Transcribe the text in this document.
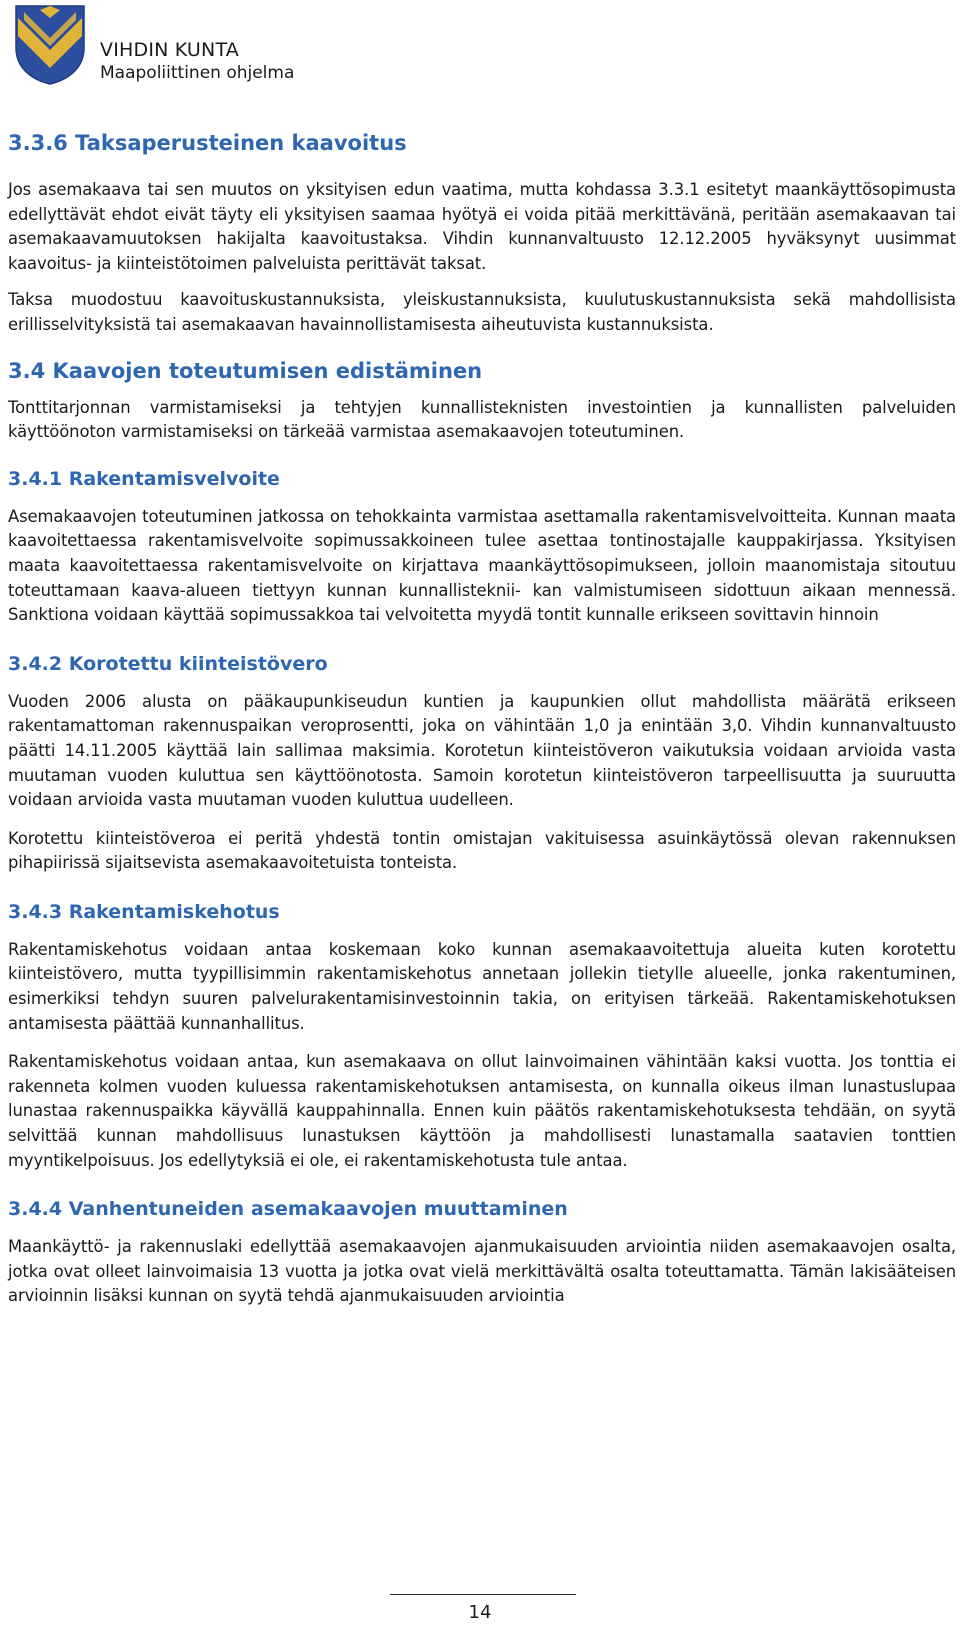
VIHDIN KUNTA
Maapoliittinen ohjelma
3.3.6 Taksaperusteinen kaavoitus

Jos asemakaava tai sen muutos on yksityisen edun vaatima, mutta kohdassa 3.3.1 esitetyt maankäyttösopimusta edellyttävät ehdot eivät täyty eli yksityisen saamaa hyötyä ei voida pitää merkittävänä, peritään asemakaavan tai asemakaavamuutoksen hakijalta kaavoitustaksa. Vihdin kunnanvaltuusto 12.12.2005 hyväksynyt uusimmat kaavoitus- ja kiinteistötoimen palveluista perittävät taksat.

Taksa muodostuu kaavoituskustannuksista, yleiskustannuksista, kuulutuskustannuksista sekä mahdollisista erillisselvityksistä tai asemakaavan havainnollistamisesta aiheutuvista kustannuksista.

3.4 Kaavojen toteutumisen edistäminen

Tonttitarjonnan varmistamiseksi ja tehtyjen kunnallisteknisten investointien ja kunnallisten palveluiden käyttöönoton varmistamiseksi on tärkeää varmistaa asemakaavojen toteutuminen.

3.4.1 Rakentamisvelvoite

Asemakaavojen toteutuminen jatkossa on tehokkainta varmistaa asettamalla rakentamisvelvoitteita. Kunnan maata kaavoitettaessa rakentamisvelvoite sopimussakkoineen tulee asettaa tontinostajalle kauppakirjassa. Yksityisen maata kaavoitettaessa rakentamisvelvoite on kirjattava maankäyttösopimukseen, jolloin maanomistaja sitoutuu toteuttamaan kaava-alueen tiettyyn kunnan kunnallisteknii- kan valmistumiseen sidottuun aikaan mennessä. Sanktiona voidaan käyttää sopimussakkoa tai velvoitetta myydä tontit kunnalle erikseen sovittavin hinnoin

3.4.2 Korotettu kiinteistövero

Vuoden 2006 alusta on pääkaupunkiseudun kuntien ja kaupunkien ollut mahdollista määrätä erikseen rakentamattoman rakennuspaikan veroprosentti, joka on vähintään 1,0 ja enintään 3,0. Vihdin kunnanvaltuusto päätti 14.11.2005 käyttää lain sallimaa maksimia. Korotetun kiinteistöveron vaikutuksia voidaan arvioida vasta muutaman vuoden kuluttua sen käyttöönotosta. Samoin korotetun kiinteistöveron tarpeellisuutta ja suuruutta voidaan arvioida vasta muutaman vuoden kuluttua uudelleen.

Korotettu kiinteistöveroa ei peritä yhdestä tontin omistajan vakituisessa asuinkäytössä olevan rakennuksen pihapiirissä sijaitsevista asemakaavoitetuista tonteista.

3.4.3 Rakentamiskehotus

Rakentamiskehotus voidaan antaa koskemaan koko kunnan asemakaavoitettuja alueita kuten korotettu kiinteistövero, mutta tyypillisimmin rakentamiskehotus annetaan jollekin tietylle alueelle, jonka rakentuminen, esimerkiksi tehdyn suuren palvelurakentamisinvestoinnin takia, on erityisen tärkeää. Rakentamiskehotuksen antamisesta päättää kunnanhallitus.

Rakentamiskehotus voidaan antaa, kun asemakaava on ollut lainvoimainen vähintään kaksi vuotta. Jos tonttia ei rakenneta kolmen vuoden kuluessa rakentamiskehotuksen antamisesta, on kunnalla oikeus ilman lunastuslupaa lunastaa rakennuspaikka käyvällä kauppahinnalla. Ennen kuin päätös rakentamiskehotuksesta tehdään, on syytä selvittää kunnan mahdollisuus lunastuksen käyttöön ja mahdollisesti lunastamalla saatavien tonttien myyntikelpoisuus. Jos edellytyksiä ei ole, ei rakentamiskehotusta tule antaa.

3.4.4 Vanhentuneiden asemakaavojen muuttaminen

Maankäyttö- ja rakennuslaki edellyttää asemakaavojen ajanmukaisuuden arviointia niiden asemakaavojen osalta, jotka ovat olleet lainvoimaisia 13 vuotta ja jotka ovat vielä merkittävältä osalta toteuttamatta. Tämän lakisääteisen arvioinnin lisäksi kunnan on syytä tehdä ajanmukaisuuden arviointia

14
